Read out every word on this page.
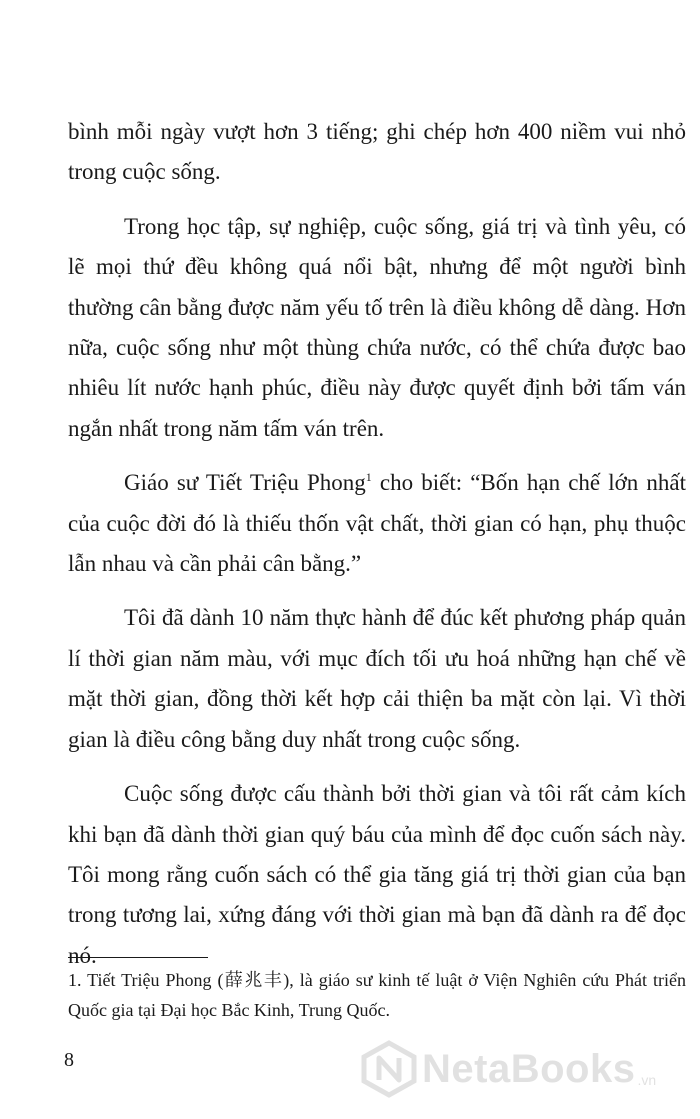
bình mỗi ngày vượt hơn 3 tiếng; ghi chép hơn 400 niềm vui nhỏ trong cuộc sống.

Trong học tập, sự nghiệp, cuộc sống, giá trị và tình yêu, có lẽ mọi thứ đều không quá nổi bật, nhưng để một người bình thường cân bằng được năm yếu tố trên là điều không dễ dàng. Hơn nữa, cuộc sống như một thùng chứa nước, có thể chứa được bao nhiêu lít nước hạnh phúc, điều này được quyết định bởi tấm ván ngắn nhất trong năm tấm ván trên.

Giáo sư Tiết Triệu Phong$^1$ cho biết: “Bốn hạn chế lớn nhất của cuộc đời đó là thiếu thốn vật chất, thời gian có hạn, phụ thuộc lẫn nhau và cần phải cân bằng.”

Tôi đã dành 10 năm thực hành để đúc kết phương pháp quản lí thời gian năm màu, với mục đích tối ưu hoá những hạn chế về mặt thời gian, đồng thời kết hợp cải thiện ba mặt còn lại. Vì thời gian là điều công bằng duy nhất trong cuộc sống.

Cuộc sống được cấu thành bởi thời gian và tôi rất cảm kích khi bạn đã dành thời gian quý báu của mình để đọc cuốn sách này. Tôi mong rằng cuốn sách có thể gia tăng giá trị thời gian của bạn trong tương lai, xứng đáng với thời gian mà bạn đã dành ra để đọc nó.

1. Tiết Triệu Phong (薛兆丰), là giáo sư kinh tế luật ở Viện Nghiên cứu Phát triển Quốc gia tại Đại học Bắc Kinh, Trung Quốc.

8	NetaBooks .vn
